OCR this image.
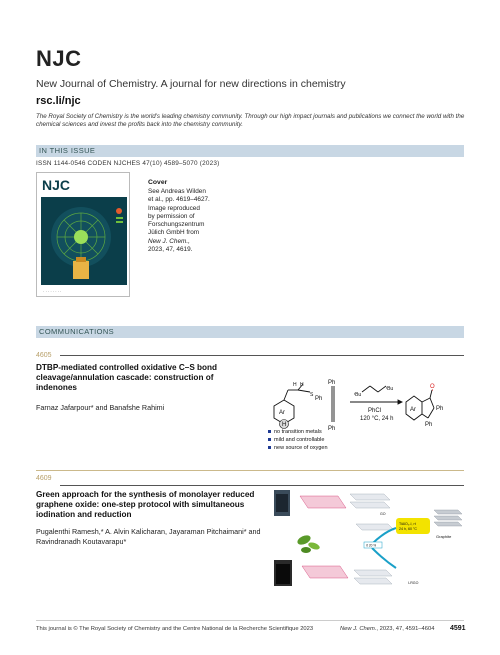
NJC
New Journal of Chemistry. A journal for new directions in chemistry
rsc.li/njc
The Royal Society of Chemistry is the world’s leading chemistry community. Through our high impact journals and publications we connect the world with the chemical sciences and invest the profits back into the chemistry community.
IN THIS ISSUE
ISSN 1144-0546 CODEN NJCHES 47(10) 4589–5070 (2023)
NJC
· · · · · · · ·
Cover
See Andreas Wilden
et al., pp. 4619–4627.
Image reproduced
by permission of
Forschungszentrum
Jülich GmbH from
New J. Chem.,
2023, 47, 4619.
COMMUNICATIONS
4605
DTBP-mediated controlled oxidative C–S bond cleavage/annulation cascade: construction of indenones
Farnaz Jafarpour* and Banafshe Rahimi
Ar
H
H H
S
Ph
Ph
Ph
ᵗBu
ᵗBu
PhCl
120 °C, 24 h
Ar	Ph
Ph
O
no transition metals
mild and controllable
new source of oxygen
4609
Green approach for the synthesis of monolayer reduced graphene oxide: one-step protocol with simultaneous iodination and reduction
Pugalenthi Ramesh,* A. Alvin Kalicharan, Jayaraman Pitchaimani* and Ravindranadh Koutavarapu*
TiAlO₃-I, rt
24 h, 60 °C
rt 20 %
Graphite
GO
I-RGO
This journal is © The Royal Society of Chemistry and the Centre National de la Recherche Scientifique 2023	New J. Chem., 2023, 47, 4591–4604 4591
